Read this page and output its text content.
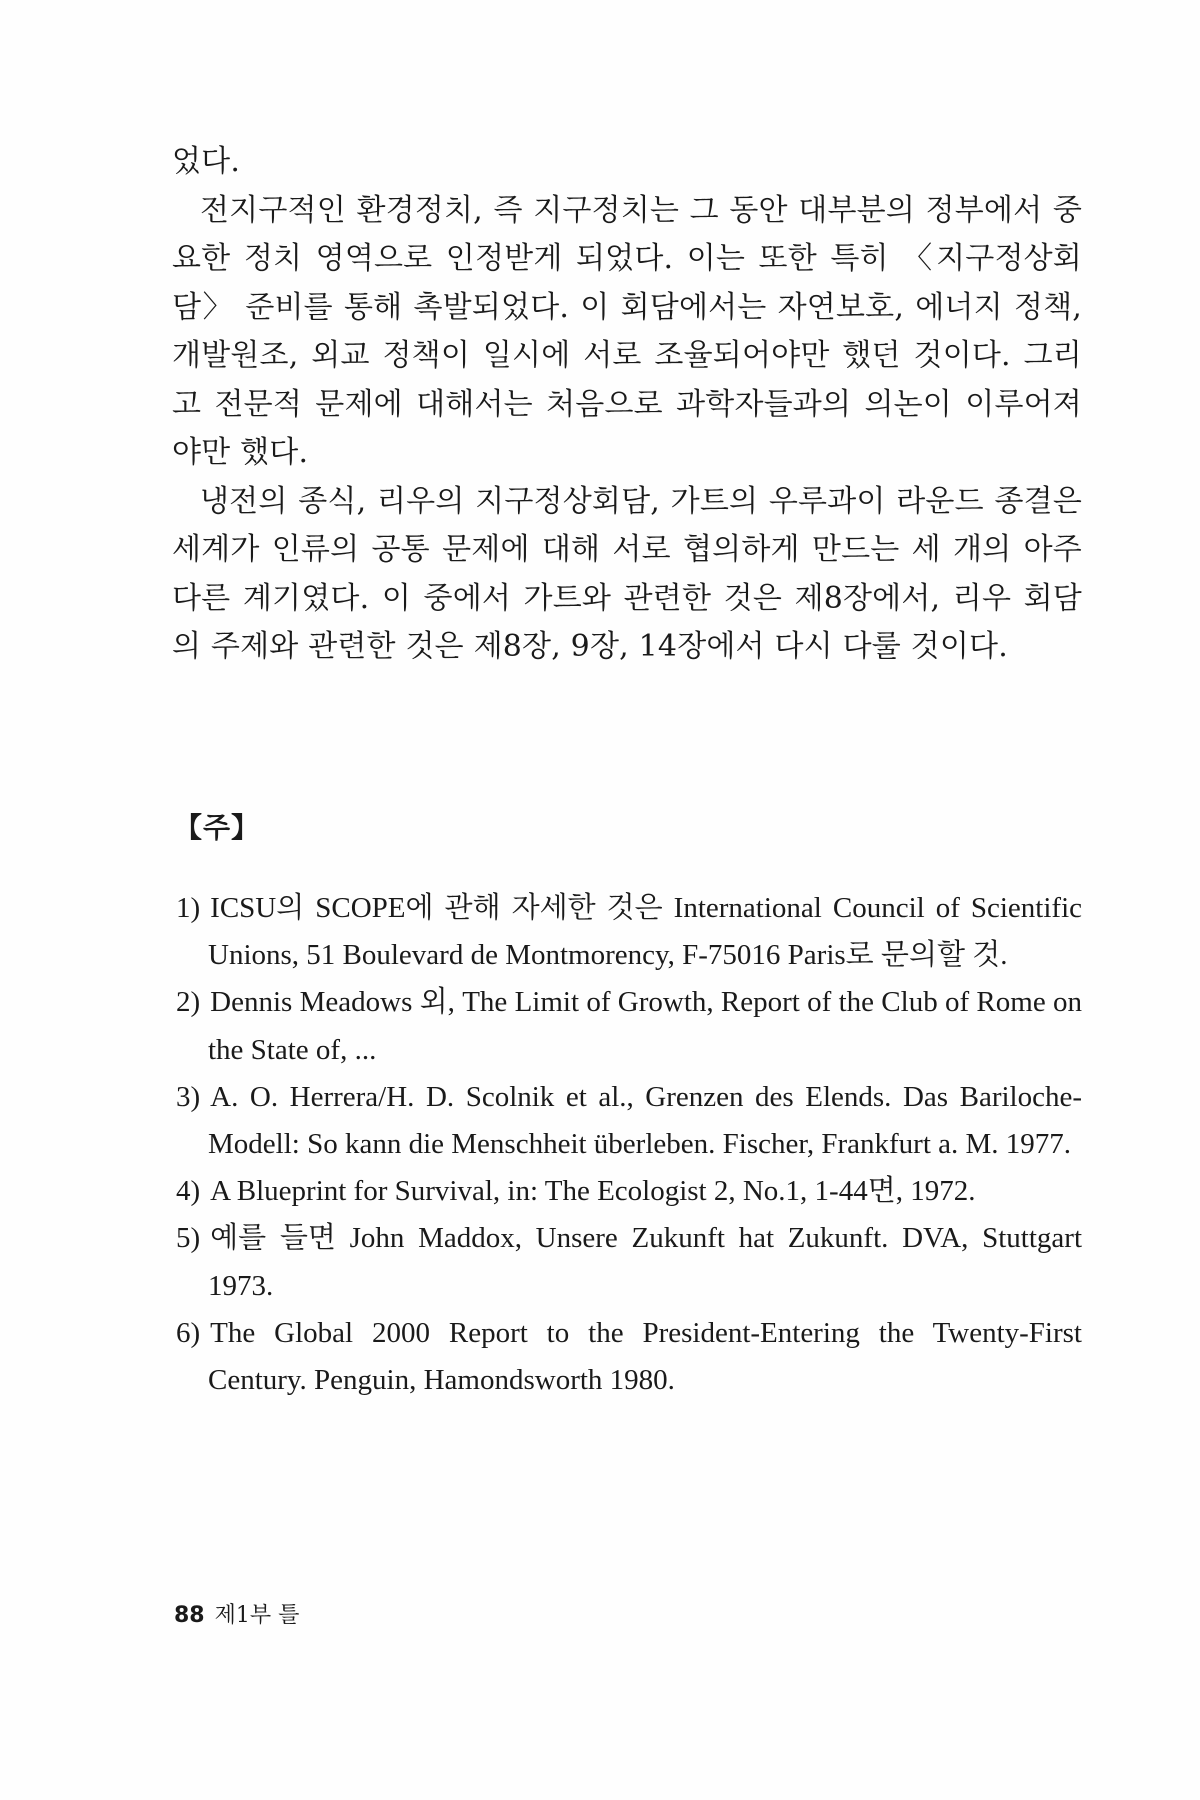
었다.

전지구적인 환경정치, 즉 지구정치는 그 동안 대부분의 정부에서 중요한 정치 영역으로 인정받게 되었다. 이는 또한 특히 〈지구정상회담〉 준비를 통해 촉발되었다. 이 회담에서는 자연보호, 에너지 정책, 개발원조, 외교 정책이 일시에 서로 조율되어야만 했던 것이다. 그리고 전문적 문제에 대해서는 처음으로 과학자들과의 의논이 이루어져야만 했다.

냉전의 종식, 리우의 지구정상회담, 가트의 우루과이 라운드 종결은 세계가 인류의 공통 문제에 대해 서로 협의하게 만드는 세 개의 아주 다른 계기였다. 이 중에서 가트와 관련한 것은 제8장에서, 리우 회담의 주제와 관련한 것은 제8장, 9장, 14장에서 다시 다룰 것이다.

【주】
1) ICSU의 SCOPE에 관해 자세한 것은 International Council of Scientific Unions, 51 Boulevard de Montmorency, F-75016 Paris로 문의할 것.
2) Dennis Meadows 외, The Limit of Growth, Report of the Club of Rome on the State of, ...
3) A. O. Herrera/H. D. Scolnik et al., Grenzen des Elends. Das Bariloche-Modell: So kann die Menschheit überleben. Fischer, Frankfurt a. M. 1977.
4) A Blueprint for Survival, in: The Ecologist 2, No.1, 1-44면, 1972.
5) 예를 들면 John Maddox, Unsere Zukunft hat Zukunft. DVA, Stuttgart 1973.
6) The Global 2000 Report to the President-Entering the Twenty-First Century. Penguin, Hamondsworth 1980.
88 제1부 틀
